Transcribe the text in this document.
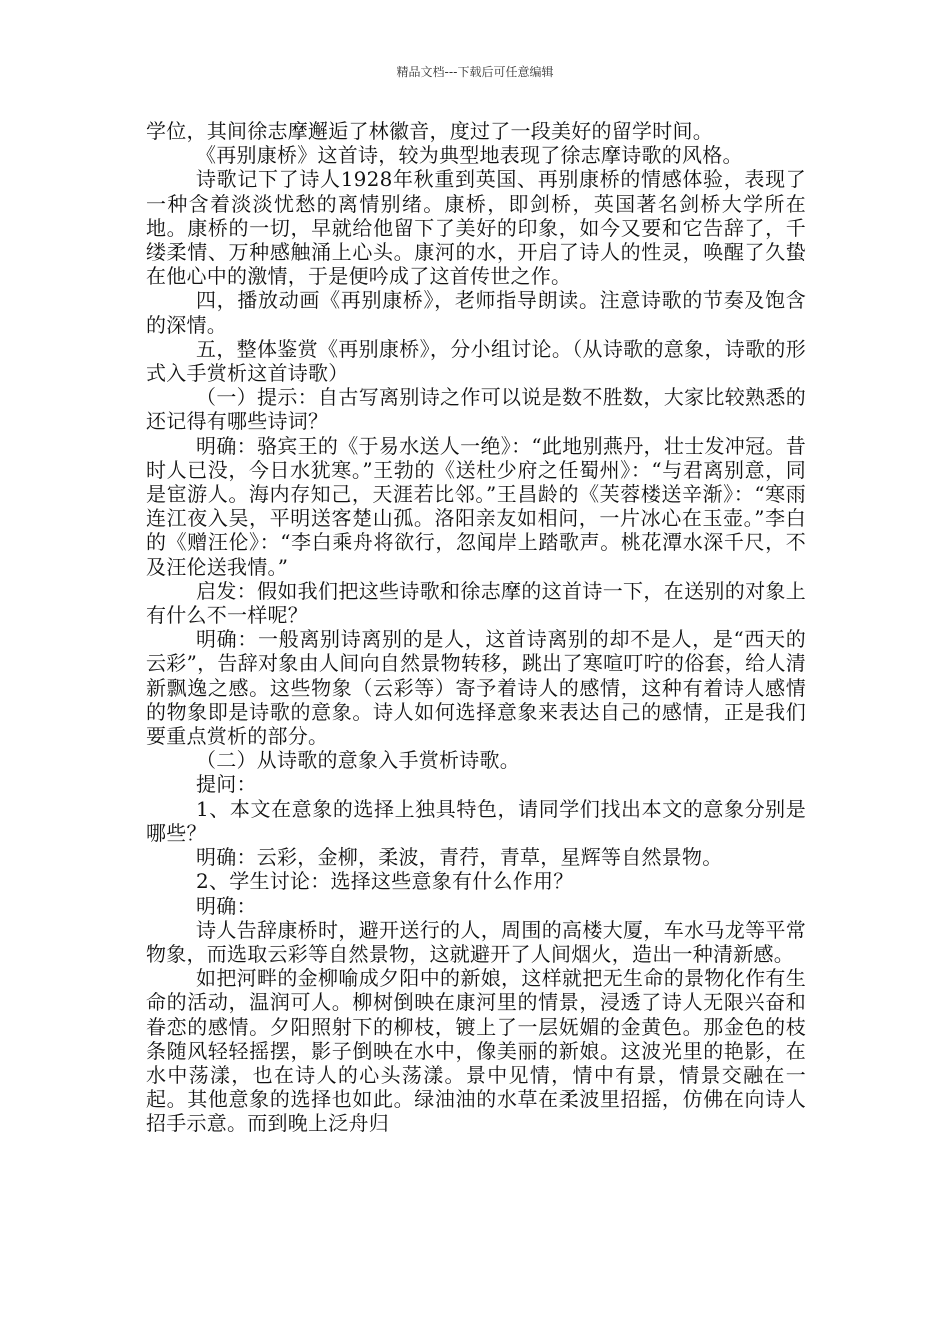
精品文档---下载后可任意编辑

学位，其间徐志摩邂逅了林徽音，度过了一段美好的留学时间。

《再别康桥》这首诗，较为典型地表现了徐志摩诗歌的风格。

诗歌记下了诗人1928年秋重到英国、再别康桥的情感体验，表现了一种含着淡淡忧愁的离情别绪。康桥，即剑桥，英国著名剑桥大学所在地。康桥的一切，早就给他留下了美好的印象，如今又要和它告辞了，千缕柔情、万种感触涌上心头。康河的水，开启了诗人的性灵，唤醒了久蛰在他心中的激情，于是便吟成了这首传世之作。

四，播放动画《再别康桥》，老师指导朗读。注意诗歌的节奏及饱含的深情。

五，整体鉴赏《再别康桥》，分小组讨论。（从诗歌的意象，诗歌的形式入手赏析这首诗歌）

（一）提示：自古写离别诗之作可以说是数不胜数，大家比较熟悉的还记得有哪些诗词？

明确：骆宾王的《于易水送人一绝》：“此地别燕丹，壮士发冲冠。昔时人已没，今日水犹寒。”王勃的《送杜少府之任蜀州》：“与君离别意，同是宦游人。海内存知己，天涯若比邻。”王昌龄的《芙蓉楼送辛渐》：“寒雨连江夜入吴，平明送客楚山孤。洛阳亲友如相问，一片冰心在玉壶。”李白的《赠汪伦》：“李白乘舟将欲行，忽闻岸上踏歌声。桃花潭水深千尺，不及汪伦送我情。”

启发：假如我们把这些诗歌和徐志摩的这首诗一下，在送别的对象上有什么不一样呢？

明确：一般离别诗离别的是人，这首诗离别的却不是人，是“西天的云彩”，告辞对象由人间向自然景物转移，跳出了寒喧叮咛的俗套，给人清新飘逸之感。这些物象（云彩等）寄予着诗人的感情，这种有着诗人感情的物象即是诗歌的意象。诗人如何选择意象来表达自己的感情，正是我们要重点赏析的部分。

（二）从诗歌的意象入手赏析诗歌。

提问：

1、本文在意象的选择上独具特色，请同学们找出本文的意象分别是哪些？

明确：云彩，金柳，柔波，青荇，青草，星辉等自然景物。

2、学生讨论：选择这些意象有什么作用？

明确：

诗人告辞康桥时，避开送行的人，周围的高楼大厦，车水马龙等平常物象，而选取云彩等自然景物，这就避开了人间烟火，造出一种清新感。

如把河畔的金柳喻成夕阳中的新娘，这样就把无生命的景物化作有生命的活动，温润可人。柳树倒映在康河里的情景，浸透了诗人无限兴奋和眷恋的感情。夕阳照射下的柳枝，镀上了一层妩媚的金黄色。那金色的枝条随风轻轻摇摆，影子倒映在水中，像美丽的新娘。这波光里的艳影，在水中荡漾，也在诗人的心头荡漾。景中见情，情中有景，情景交融在一起。其他意象的选择也如此。绿油油的水草在柔波里招摇，仿佛在向诗人招手示意。而到晚上泛舟归
